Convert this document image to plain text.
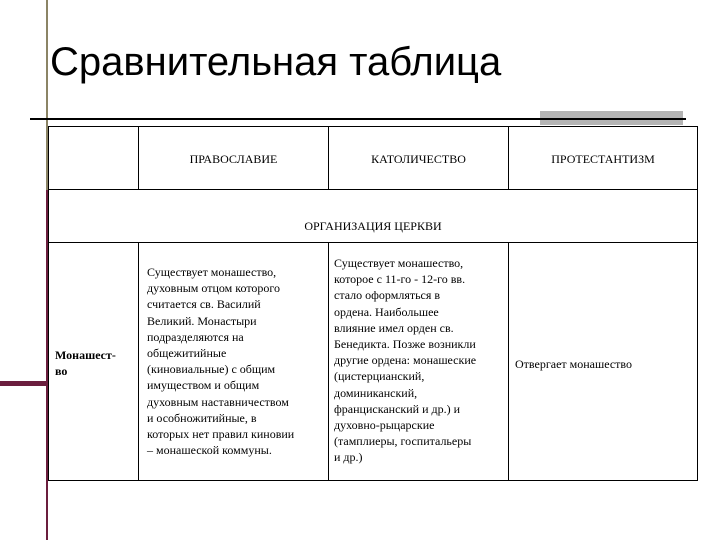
Сравнительная таблица
ПРАВОСЛАВИЕ	КАТОЛИЧЕСТВО	ПРОТЕСТАНТИЗМ
ОРГАНИЗАЦИЯ ЦЕРКВИ
Монашест-
во
Существует монашество,
духовным отцом которого
считается св. Василий
Великий. Монастыри
подразделяются на
общежитийные
(киновиальные) с общим
имуществом и общим
духовным наставничеством
и особножитийные, в
которых нет правил киновии
– монашеской коммуны.
Существует монашество,
которое с 11-го - 12-го вв.
стало оформляться в
ордена. Наибольшее
влияние имел орден св.
Бенедикта. Позже возникли
другие ордена: монашеские
(цистерцианский,
доминиканский,
францисканский и др.) и
духовно-рыцарские
(тамплиеры, госпитальеры
и др.)
Отвергает монашество
